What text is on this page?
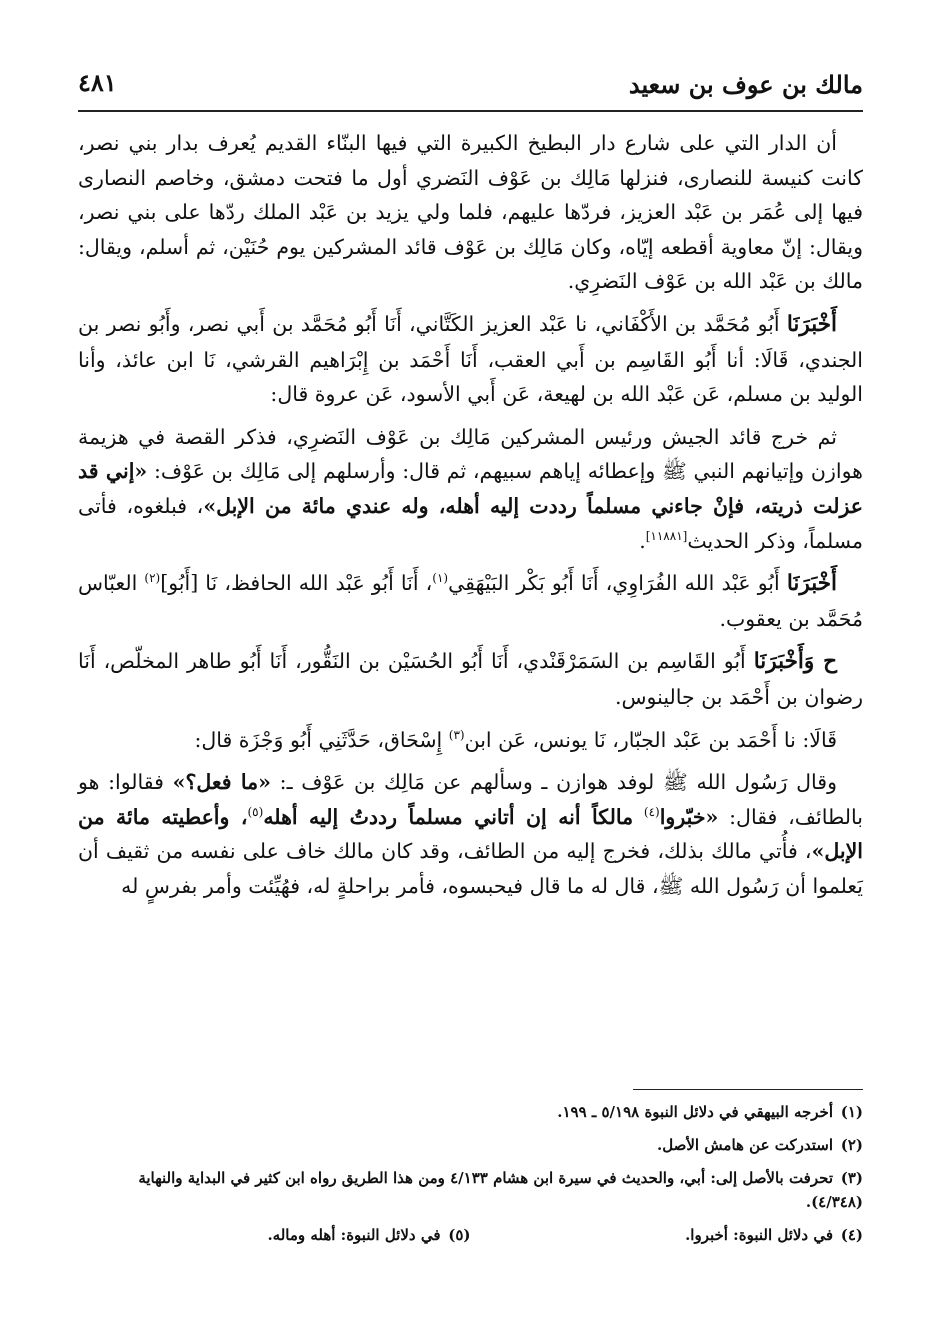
مالك بن عوف بن سعيد
٤٨١

أن الدار التي على شارع دار البطيخ الكبيرة التي فيها البنّاء القديم يُعرف بدار بني نصر، كانت كنيسة للنصارى، فنزلها مَالِك بن عَوْف النَضري أول ما فتحت دمشق، وخاصم النصارى فيها إلى عُمَر بن عَبْد العزيز، فردّها عليهم، فلما ولي يزيد بن عَبْد الملك ردّها على بني نصر، ويقال: إنّ معاوية أقطعه إيّاه، وكان مَالِك بن عَوْف قائد المشركين يوم حُنَيْن، ثم أسلم، ويقال: مالك بن عَبْد الله بن عَوْف النَضرِي.

أَخْبَرَنَا أَبُو مُحَمَّد بن الأَكْفَاني، نا عَبْد العزيز الكَتَّاني، أَنَا أَبُو مُحَمَّد بن أَبي نصر، وأَبُو نصر بن الجندي، قَالَا: أنا أَبُو القَاسِم بن أَبي العقب، أَنَا أَحْمَد بن إِبْرَاهيم القرشي، نَا ابن عائذ، وأنا الوليد بن مسلم، عَن عَبْد الله بن لهيعة، عَن أَبي الأسود، عَن عروة قال:

ثم خرج قائد الجيش ورئيس المشركين مَالِك بن عَوْف النَضرِي، فذكر القصة في هزيمة هوازن وإتيانهم النبي ﷺ وإعطائه إياهم سبيهم، ثم قال: وأرسلهم إلى مَالِك بن عَوْف: «إني قد عزلت ذريته، فإنْ جاءني مسلماً رددت إليه أهله، وله عندي مائة من الإبل»، فبلغوه، فأتى مسلماً، وذكر الحديث[١١٨٨١].

أَخْبَرَنَا أَبُو عَبْد الله الفُرَاوِي، أَنَا أَبُو بَكْر البَيْهَقِي$^{(١)}$، أَنَا أَبُو عَبْد الله الحافظ، نَا [أَبُو]$^{(٢)}$ العبّاس مُحَمَّد بن يعقوب.

ح وَأَخْبَرَنَا أَبُو القَاسِم بن السَمَرْقَنْدي، أَنَا أَبُو الحُسَيْن بن النَقُّور، أَنَا أَبُو طاهر المخلّص، أَنَا رضوان بن أَحْمَد بن جالينوس.

قَالَا: نا أَحْمَد بن عَبْد الجبّار، نَا يونس، عَن ابن$^{(٣)}$ إِسْحَاق، حَدَّثَنِي أَبُو وَجْزَة قال:

وقال رَسُول الله ﷺ لوفد هوازن ـ وسألهم عن مَالِك بن عَوْف ـ: «ما فعل؟» فقالوا: هو بالطائف، فقال: «خبّروا$^{(٤)}$ مالكاً أنه إن أتاني مسلماً رددتُ إليه أهله$^{(٥)}$، وأعطيته مائة من الإبل»، فأُتي مالك بذلك، فخرج إليه من الطائف، وقد كان مالك خاف على نفسه من ثقيف أن يَعلموا أن رَسُول الله ﷺ، قال له ما قال فيحبسوه، فأمر براحلةٍ له، فهُيِّئت وأمر بفرسٍ له

(١)أخرجه البيهقي في دلائل النبوة ٥/١٩٨ ـ ١٩٩.
(٢)استدركت عن هامش الأصل.
(٣)تحرفت بالأصل إلى: أبي، والحديث في سيرة ابن هشام ٤/١٣٣ ومن هذا الطريق رواه ابن كثير في البداية والنهاية (٤/٣٤٨).
(٤)في دلائل النبوة: أخبروا.
(٥)في دلائل النبوة: أهله وماله.
